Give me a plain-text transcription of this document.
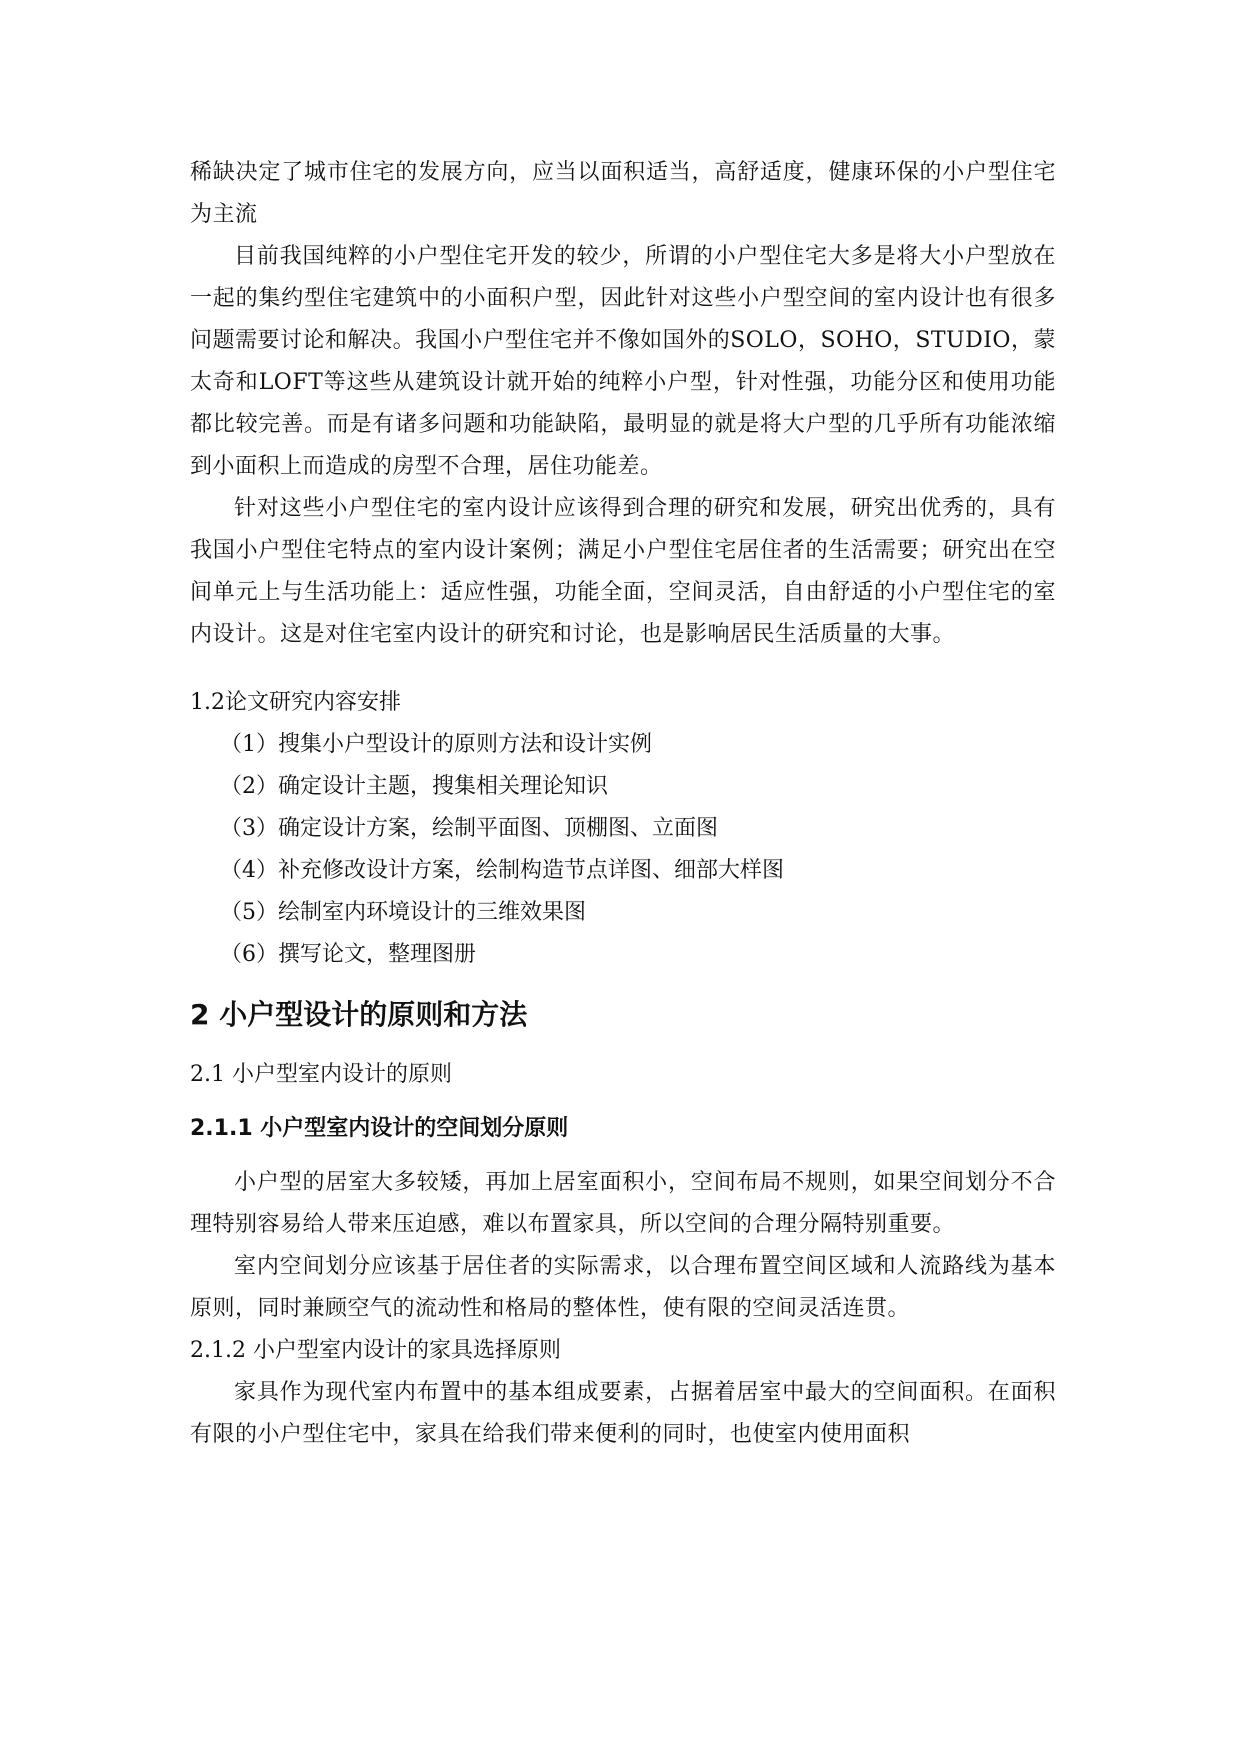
稀缺决定了城市住宅的发展方向，应当以面积适当，高舒适度，健康环保的小户型住宅为主流

目前我国纯粹的小户型住宅开发的较少，所谓的小户型住宅大多是将大小户型放在一起的集约型住宅建筑中的小面积户型，因此针对这些小户型空间的室内设计也有很多问题需要讨论和解决。我国小户型住宅并不像如国外的SOLO，SOHO，STUDIO，蒙太奇和LOFT等这些从建筑设计就开始的纯粹小户型，针对性强，功能分区和使用功能都比较完善。而是有诸多问题和功能缺陷，最明显的就是将大户型的几乎所有功能浓缩到小面积上而造成的房型不合理，居住功能差。

针对这些小户型住宅的室内设计应该得到合理的研究和发展，研究出优秀的，具有我国小户型住宅特点的室内设计案例；满足小户型住宅居住者的生活需要；研究出在空间单元上与生活功能上：适应性强，功能全面，空间灵活，自由舒适的小户型住宅的室内设计。这是对住宅室内设计的研究和讨论，也是影响居民生活质量的大事。

1.2论文研究内容安排

（1）搜集小户型设计的原则方法和设计实例
（2）确定设计主题，搜集相关理论知识
（3）确定设计方案，绘制平面图、顶棚图、立面图
（4）补充修改设计方案，绘制构造节点详图、细部大样图
（5）绘制室内环境设计的三维效果图
（6）撰写论文，整理图册
2 小户型设计的原则和方法

2.1 小户型室内设计的原则

2.1.1 小户型室内设计的空间划分原则

小户型的居室大多较矮，再加上居室面积小，空间布局不规则，如果空间划分不合理特别容易给人带来压迫感，难以布置家具，所以空间的合理分隔特别重要。

室内空间划分应该基于居住者的实际需求，以合理布置空间区域和人流路线为基本原则，同时兼顾空气的流动性和格局的整体性，使有限的空间灵活连贯。

2.1.2 小户型室内设计的家具选择原则

家具作为现代室内布置中的基本组成要素，占据着居室中最大的空间面积。在面积有限的小户型住宅中，家具在给我们带来便利的同时，也使室内使用面积
